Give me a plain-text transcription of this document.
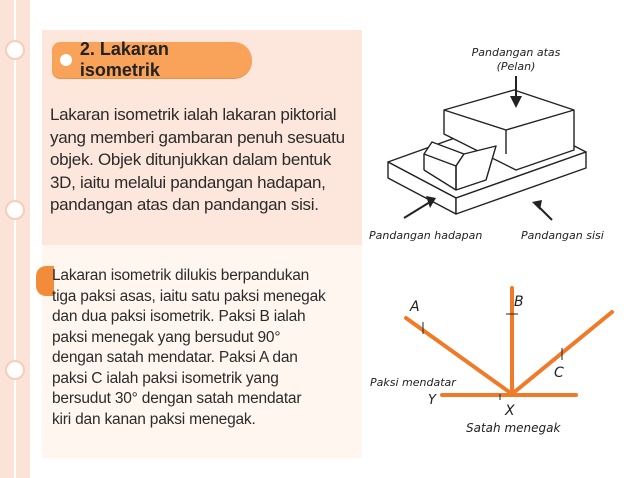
2. Lakaran isometrik
Lakaran isometrik ialah lakaran piktorial
yang memberi gambaran penuh sesuatu
objek. Objek ditunjukkan dalam bentuk
3D, iaitu melalui pandangan hadapan,
pandangan atas dan pandangan sisi.
Lakaran isometrik dilukis berpandukan
tiga paksi asas, iaitu satu paksi menegak
dan dua paksi isometrik. Paksi B ialah
paksi menegak yang bersudut 90°
dengan satah mendatar. Paksi A dan
paksi C ialah paksi isometrik yang
bersudut 30° dengan satah mendatar
kiri dan kanan paksi menegak.
Pandangan atas
(Pelan)
Pandangan hadapan	Pandangan sisi
A	B
C
X
Y
Paksi mendatar
Satah menegak
